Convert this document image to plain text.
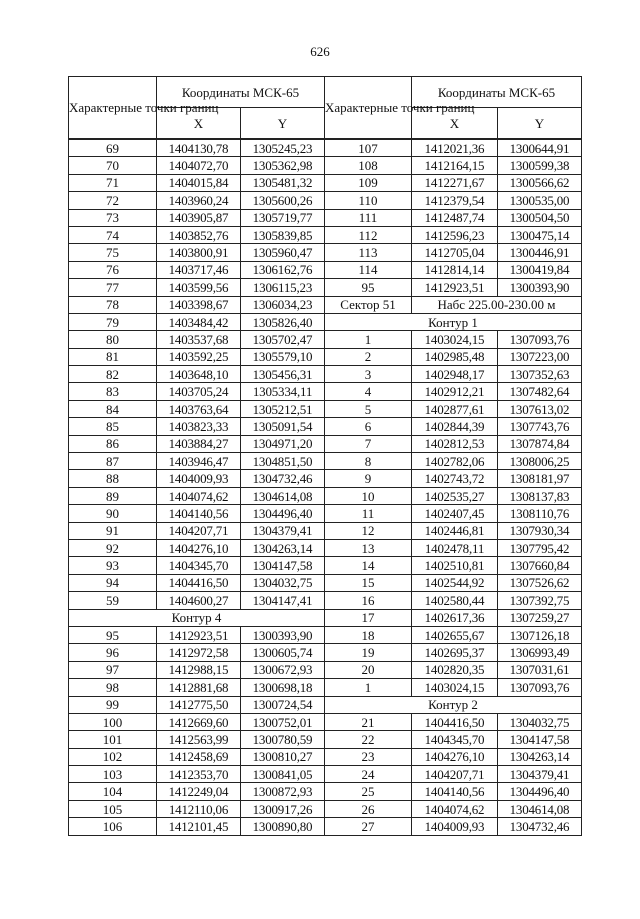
626
Характерные точки границ	Координаты МСК-65		Характерные точки границ	Координаты МСК-65	
	X	Y		X	Y
69	1404130,78	1305245,23	107	1412021,36	1300644,91
70	1404072,70	1305362,98	108	1412164,15	1300599,38
71	1404015,84	1305481,32	109	1412271,67	1300566,62
72	1403960,24	1305600,26	110	1412379,54	1300535,00
73	1403905,87	1305719,77	111	1412487,74	1300504,50
74	1403852,76	1305839,85	112	1412596,23	1300475,14
75	1403800,91	1305960,47	113	1412705,04	1300446,91
76	1403717,46	1306162,76	114	1412814,14	1300419,84
77	1403599,56	1306115,23	95	1412923,51	1300393,90
78	1403398,67	1306034,23	Сектор 51	Набс 225.00-230.00 м	
79	1403484,42	1305826,40	Контур 1		
80	1403537,68	1305702,47	1	1403024,15	1307093,76
81	1403592,25	1305579,10	2	1402985,48	1307223,00
82	1403648,10	1305456,31	3	1402948,17	1307352,63
83	1403705,24	1305334,11	4	1402912,21	1307482,64
84	1403763,64	1305212,51	5	1402877,61	1307613,02
85	1403823,33	1305091,54	6	1402844,39	1307743,76
86	1403884,27	1304971,20	7	1402812,53	1307874,84
87	1403946,47	1304851,50	8	1402782,06	1308006,25
88	1404009,93	1304732,46	9	1402743,72	1308181,97
89	1404074,62	1304614,08	10	1402535,27	1308137,83
90	1404140,56	1304496,40	11	1402407,45	1308110,76
91	1404207,71	1304379,41	12	1402446,81	1307930,34
92	1404276,10	1304263,14	13	1402478,11	1307795,42
93	1404345,70	1304147,58	14	1402510,81	1307660,84
94	1404416,50	1304032,75	15	1402544,92	1307526,62
59	1404600,27	1304147,41	16	1402580,44	1307392,75
Контур 4			17	1402617,36	1307259,27
95	1412923,51	1300393,90	18	1402655,67	1307126,18
96	1412972,58	1300605,74	19	1402695,37	1306993,49
97	1412988,15	1300672,93	20	1402820,35	1307031,61
98	1412881,68	1300698,18	1	1403024,15	1307093,76
99	1412775,50	1300724,54	Контур 2		
100	1412669,60	1300752,01	21	1404416,50	1304032,75
101	1412563,99	1300780,59	22	1404345,70	1304147,58
102	1412458,69	1300810,27	23	1404276,10	1304263,14
103	1412353,70	1300841,05	24	1404207,71	1304379,41
104	1412249,04	1300872,93	25	1404140,56	1304496,40
105	1412110,06	1300917,26	26	1404074,62	1304614,08
106	1412101,45	1300890,80	27	1404009,93	1304732,46
